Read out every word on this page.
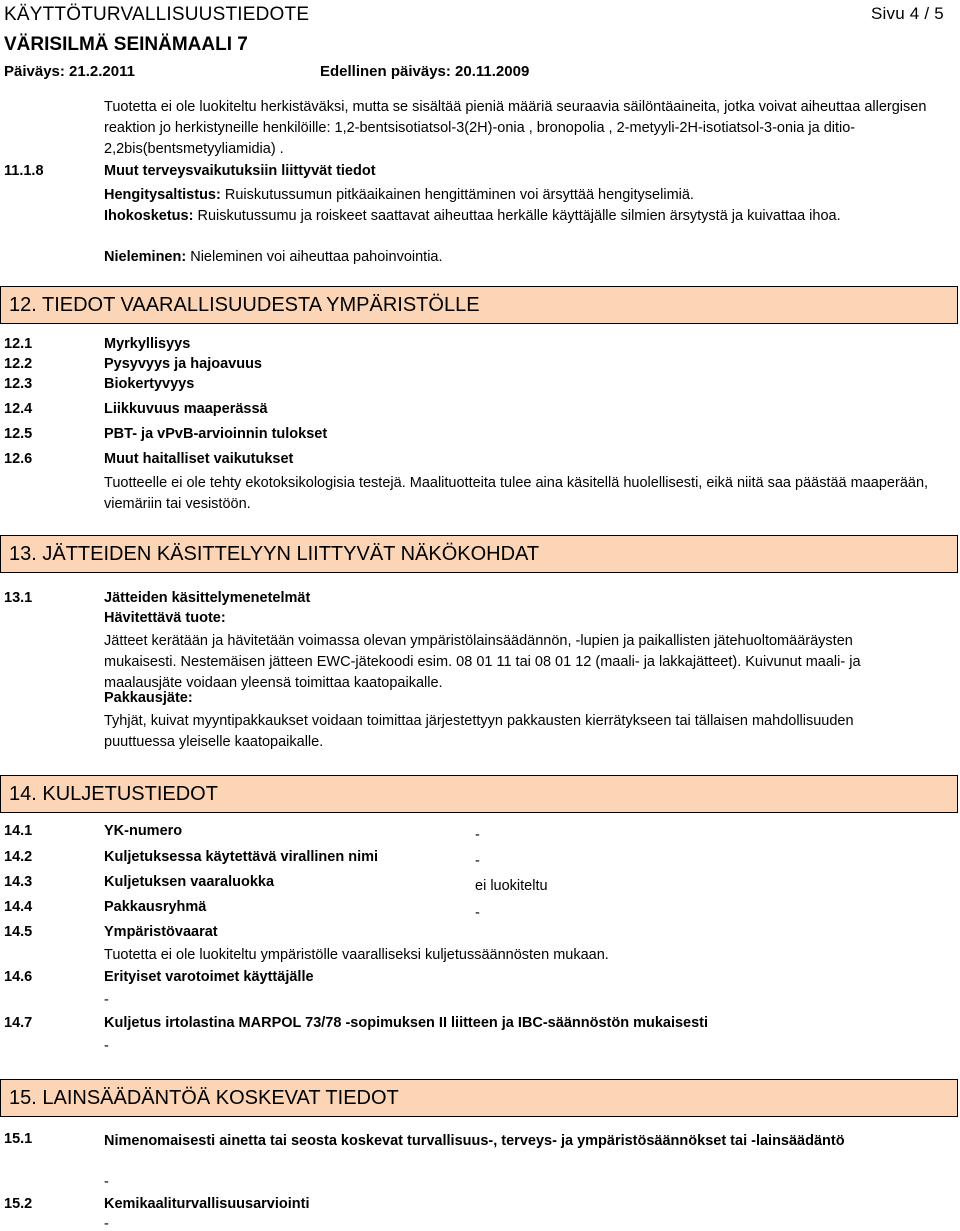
KÄYTTÖTURVALLISUUSTIEDOTE	Sivu 4 / 5
VÄRISILMÄ SEINÄMAALI 7
Päiväys: 21.2.2011	Edellinen päiväys: 20.11.2009
Tuotetta ei ole luokiteltu herkistäväksi, mutta se sisältää pieniä määriä seuraavia säilöntäaineita, jotka voivat aiheuttaa allergisen reaktion jo herkistyneille henkilöille: 1,2-bentsisotiatsol-3(2H)-onia , bronopolia , 2-metyyli-2H-isotiatsol-3-onia ja ditio-2,2bis(bentsmetyyliamidia) .
11.1.8	Muut terveysvaikutuksiin liittyvät tiedot
Hengitysaltistus: Ruiskutussumun pitkäaikainen hengittäminen voi ärsyttää hengityselimiä.
Ihokosketus: Ruiskutussumu ja roiskeet saattavat aiheuttaa herkälle käyttäjälle silmien ärsytystä ja kuivattaa ihoa.
Nieleminen: Nieleminen voi aiheuttaa pahoinvointia.
12. TIEDOT VAARALLISUUDESTA YMPÄRISTÖLLE
12.1	Myrkyllisyys
12.2	Pysyvyys ja hajoavuus
12.3	Biokertyvyys
12.4	Liikkuvuus maaperässä
12.5	PBT- ja vPvB-arvioinnin tulokset
12.6	Muut haitalliset vaikutukset
Tuotteelle ei ole tehty ekotoksikologisia testejä. Maalituotteita tulee aina käsitellä huolellisesti, eikä niitä saa päästää maaperään, viemäriin tai vesistöön.
13. JÄTTEIDEN KÄSITTELYYN LIITTYVÄT NÄKÖKOHDAT
13.1	Jätteiden käsittelymenetelmät
Hävitettävä tuote:
Jätteet kerätään ja hävitetään voimassa olevan ympäristölainsäädännön, -lupien ja paikallisten jätehuoltomääräysten mukaisesti. Nestemäisen jätteen EWC-jätekoodi esim. 08 01 11 tai 08 01 12 (maali- ja lakkajätteet). Kuivunut maali- ja maalausjäte voidaan yleensä toimittaa kaatopaikalle.
Pakkausjäte:
Tyhjät, kuivat myyntipakkaukset voidaan toimittaa järjestettyyn pakkausten kierrätykseen tai tällaisen mahdollisuuden puuttuessa yleiselle kaatopaikalle.
14. KULJETUSTIEDOT
14.1	YK-numero	-
14.2	Kuljetuksessa käytettävä virallinen nimi	-
14.3	Kuljetuksen vaaraluokka	ei luokiteltu
14.4	Pakkausryhmä	-
14.5	Ympäristövaarat
Tuotetta ei ole luokiteltu ympäristölle vaaralliseksi kuljetussäännösten mukaan.
14.6	Erityiset varotoimet käyttäjälle
-
14.7	Kuljetus irtolastina MARPOL 73/78 -sopimuksen II liitteen ja IBC-säännöstön mukaisesti
-
15. LAINSÄÄDÄNTÖÄ KOSKEVAT TIEDOT
15.1	Nimenomaisesti ainetta tai seosta koskevat turvallisuus-, terveys- ja ympäristösäännökset tai -lainsäädäntö
-
15.2	Kemikaaliturvallisuusarviointi
-
